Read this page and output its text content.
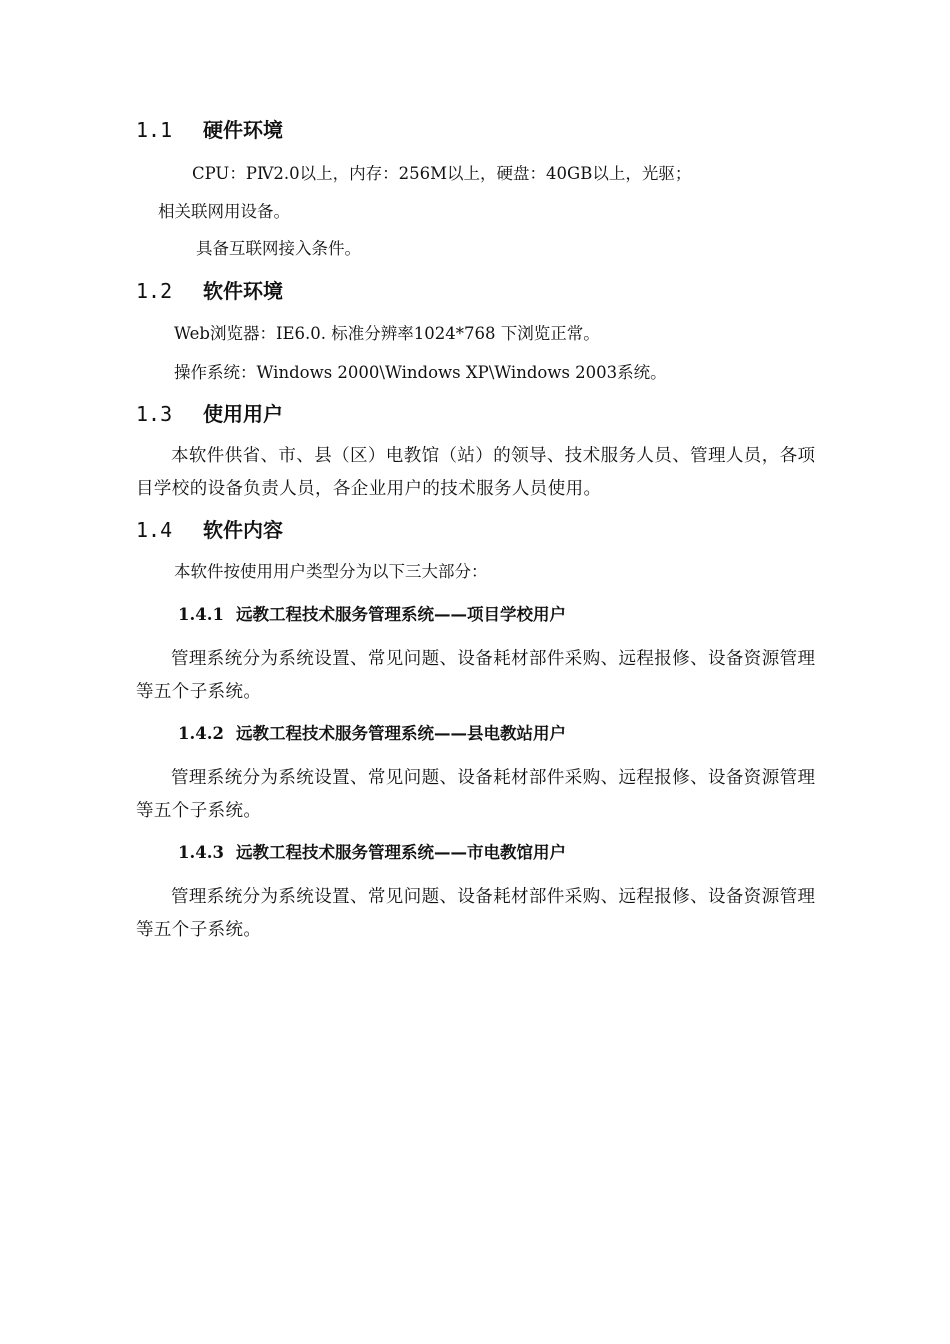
1.1 硬件环境
CPU：PⅣ2.0以上，内存：256M以上，硬盘：40GB以上，光驱；
相关联网用设备。
具备互联网接入条件。
1.2 软件环境
Web浏览器：IE6.0. 标准分辨率1024*768 下浏览正常。
操作系统：Windows 2000\Windows XP\Windows 2003系统。
1.3 使用用户
本软件供省、市、县（区）电教馆（站）的领导、技术服务人员、管理人员，各项目学校的设备负责人员，各企业用户的技术服务人员使用。
1.4 软件内容
本软件按使用用户类型分为以下三大部分：
1.4.1 远教工程技术服务管理系统——项目学校用户
管理系统分为系统设置、常见问题、设备耗材部件采购、远程报修、设备资源管理等五个子系统。
1.4.2 远教工程技术服务管理系统——县电教站用户
管理系统分为系统设置、常见问题、设备耗材部件采购、远程报修、设备资源管理等五个子系统。
1.4.3 远教工程技术服务管理系统——市电教馆用户
管理系统分为系统设置、常见问题、设备耗材部件采购、远程报修、设备资源管理等五个子系统。
